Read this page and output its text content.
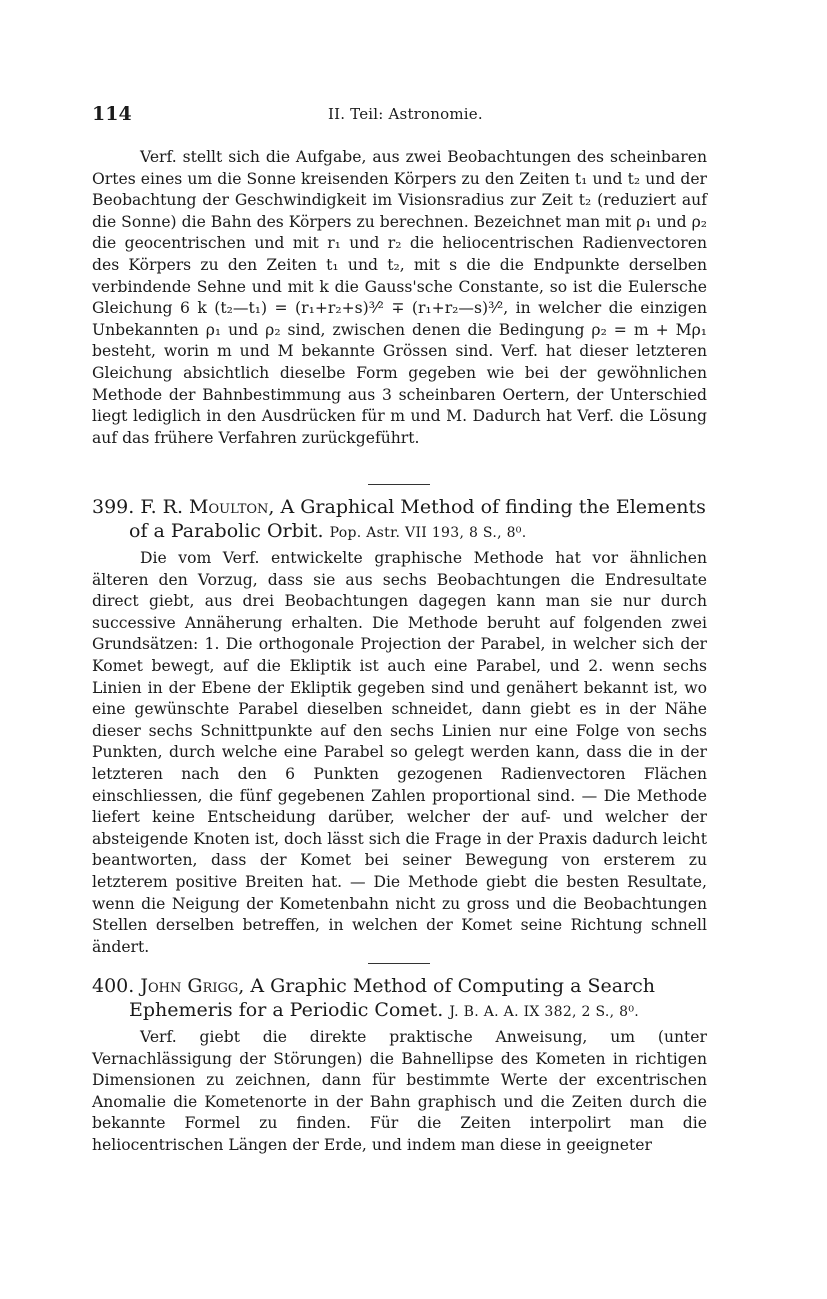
114	II. Teil: Astronomie.
Verf. stellt sich die Aufgabe, aus zwei Beobachtungen des scheinbaren Ortes eines um die Sonne kreisenden Körpers zu den Zeiten t₁ und t₂ und der Beobachtung der Geschwindigkeit im Visionsradius zur Zeit t₂ (reduziert auf die Sonne) die Bahn des Körpers zu berechnen. Bezeichnet man mit ρ₁ und ρ₂ die geocentrischen und mit r₁ und r₂ die heliocentrischen Radienvectoren des Körpers zu den Zeiten t₁ und t₂, mit s die die Endpunkte derselben verbindende Sehne und mit k die Gauss'sche Constante, so ist die Eulersche Gleichung 6 k (t₂—t₁) = (r₁+r₂+s)³⁄² ∓ (r₁+r₂—s)³⁄², in welcher die einzigen Unbekannten ρ₁ und ρ₂ sind, zwischen denen die Bedingung ρ₂ = m + Mρ₁ besteht, worin m und M bekannte Grössen sind. Verf. hat dieser letzteren Gleichung absichtlich dieselbe Form gegeben wie bei der gewöhnlichen Methode der Bahnbestimmung aus 3 scheinbaren Oertern, der Unterschied liegt lediglich in den Ausdrücken für m und M. Dadurch hat Verf. die Lösung auf das frühere Verfahren zurückgeführt.
399. F. R. Moulton, A Graphical Method of finding the Elements of a Parabolic Orbit. Pop. Astr. VII 193, 8 S., 8⁰.
Die vom Verf. entwickelte graphische Methode hat vor ähnlichen älteren den Vorzug, dass sie aus sechs Beobachtungen die Endresultate direct giebt, aus drei Beobachtungen dagegen kann man sie nur durch successive Annäherung erhalten. Die Methode beruht auf folgenden zwei Grundsätzen: 1. Die orthogonale Projection der Parabel, in welcher sich der Komet bewegt, auf die Ekliptik ist auch eine Parabel, und 2. wenn sechs Linien in der Ebene der Ekliptik gegeben sind und genähert bekannt ist, wo eine gewünschte Parabel dieselben schneidet, dann giebt es in der Nähe dieser sechs Schnittpunkte auf den sechs Linien nur eine Folge von sechs Punkten, durch welche eine Parabel so gelegt werden kann, dass die in der letzteren nach den 6 Punkten gezogenen Radienvectoren Flächen einschliessen, die fünf gegebenen Zahlen proportional sind. — Die Methode liefert keine Entscheidung darüber, welcher der auf- und welcher der absteigende Knoten ist, doch lässt sich die Frage in der Praxis dadurch leicht beantworten, dass der Komet bei seiner Bewegung von ersterem zu letzterem positive Breiten hat. — Die Methode giebt die besten Resultate, wenn die Neigung der Kometenbahn nicht zu gross und die Beobachtungen Stellen derselben betreffen, in welchen der Komet seine Richtung schnell ändert.
400. John Grigg, A Graphic Method of Computing a Search Ephemeris for a Periodic Comet. J. B. A. A. IX 382, 2 S., 8⁰.
Verf. giebt die direkte praktische Anweisung, um (unter Vernachlässigung der Störungen) die Bahnellipse des Kometen in richtigen Dimensionen zu zeichnen, dann für bestimmte Werte der excentrischen Anomalie die Kometenorte in der Bahn graphisch und die Zeiten durch die bekannte Formel zu finden. Für die Zeiten interpolirt man die heliocentrischen Längen der Erde, und indem man diese in geeigneter
